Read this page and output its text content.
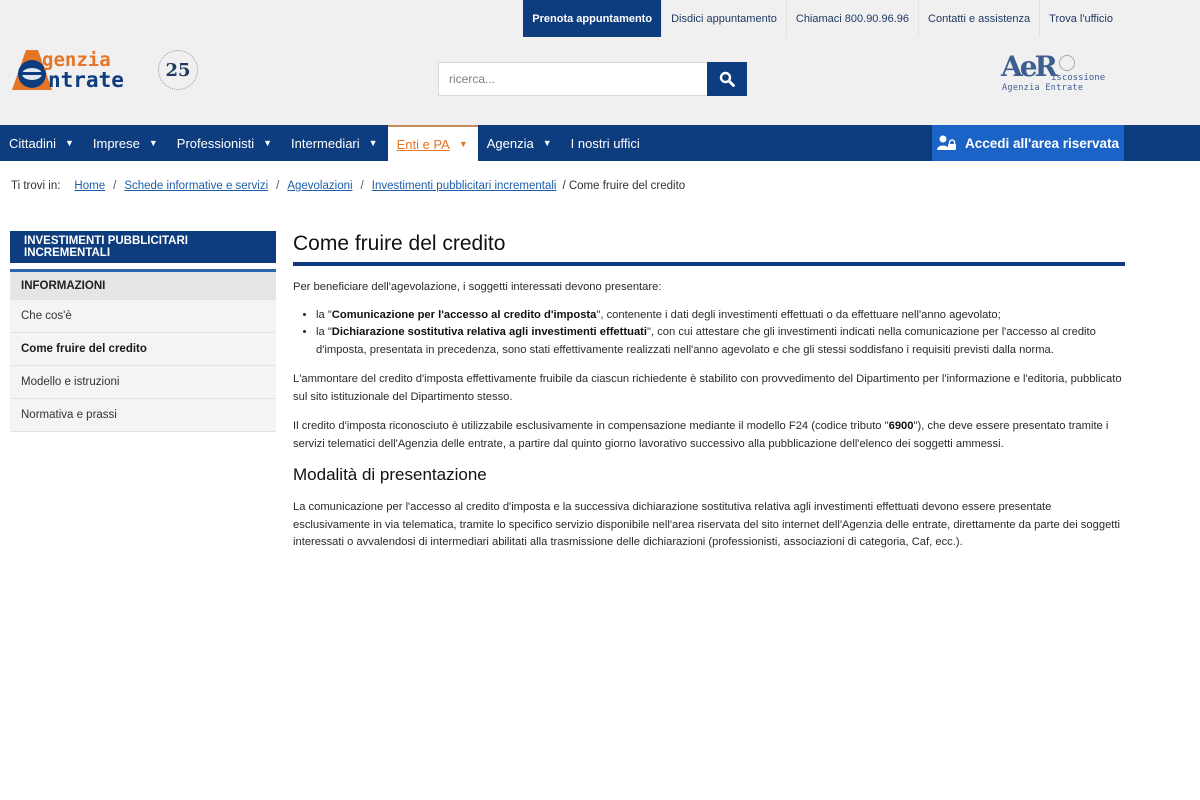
Prenota appuntamento	Disdici appuntamento	Chiamaci 800.90.96.96	Contatti e assistenza	Trova l'ufficio
genzia
ntrate	25
ricerca...	AeR
iscossione
Agenzia Entrate
Cittadini ▼ Imprese ▼ Professionisti ▼ Intermediari ▼ Enti e PA ▼ Agenzia ▼ I nostri uffici	Accedi all'area riservata
Ti trovi in: Home / Schede informative e servizi / Agevolazioni / Investimenti pubblicitari incrementali / Come fruire del credito
INVESTIMENTI PUBBLICITARI INCREMENTALI
INFORMAZIONI
Che cos'è
Come fruire del credito
Modello e istruzioni
Normativa e prassi
Come fruire del credito

Per beneficiare dell'agevolazione, i soggetti interessati devono presentare:

• la "Comunicazione per l'accesso al credito d'imposta", contenente i dati degli investimenti effettuati o da effettuare nell'anno agevolato;
• la "Dichiarazione sostitutiva relativa agli investimenti effettuati", con cui attestare che gli investimenti indicati nella comunicazione per l'accesso al credito d'imposta, presentata in precedenza, sono stati effettivamente realizzati nell'anno agevolato e che gli stessi soddisfano i requisiti previsti dalla norma.

L'ammontare del credito d'imposta effettivamente fruibile da ciascun richiedente è stabilito con provvedimento del Dipartimento per l'informazione e l'editoria, pubblicato sul sito istituzionale del Dipartimento stesso.

Il credito d'imposta riconosciuto è utilizzabile esclusivamente in compensazione mediante il modello F24 (codice tributo "6900"), che deve essere presentato tramite i servizi telematici dell'Agenzia delle entrate, a partire dal quinto giorno lavorativo successivo alla pubblicazione dell'elenco dei soggetti ammessi.

Modalità di presentazione

La comunicazione per l'accesso al credito d'imposta e la successiva dichiarazione sostitutiva relativa agli investimenti effettuati devono essere presentate esclusivamente in via telematica, tramite lo specifico servizio disponibile nell'area riservata del sito internet dell'Agenzia delle entrate, direttamente da parte dei soggetti interessati o avvalendosi di intermediari abilitati alla trasmissione delle dichiarazioni (professionisti, associazioni di categoria, Caf, ecc.).
